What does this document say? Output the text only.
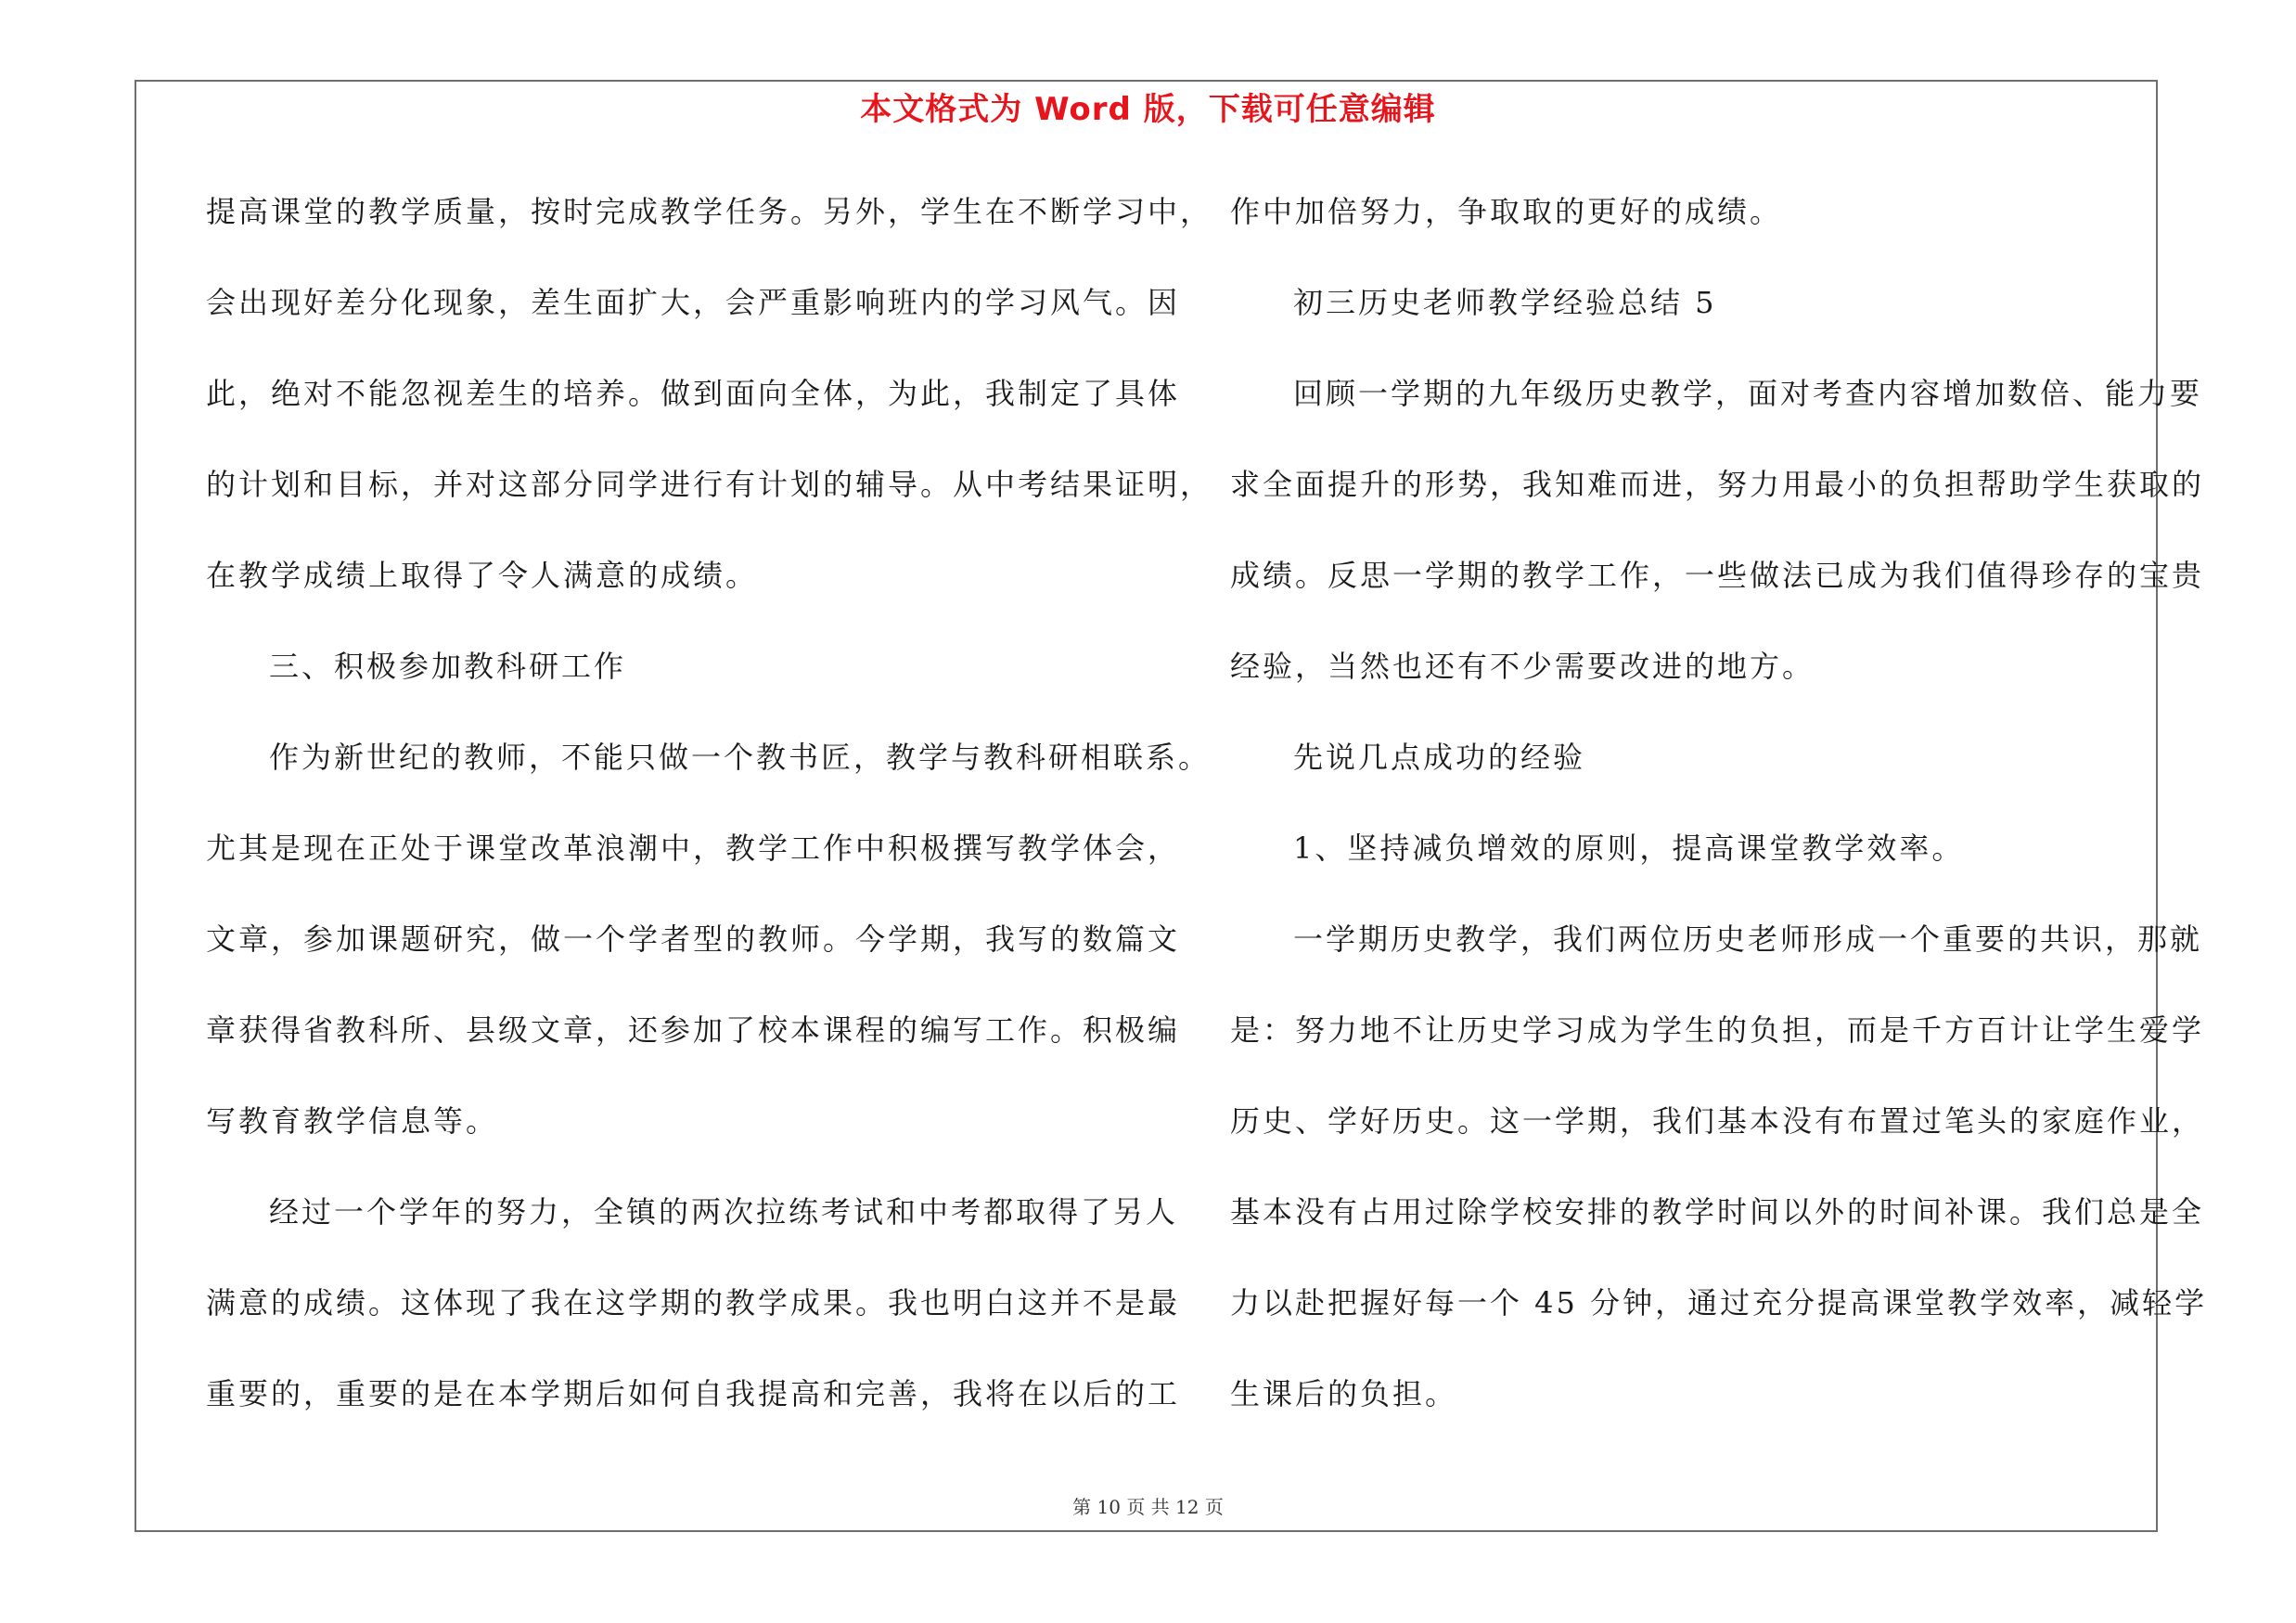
本文格式为 Word 版，下载可任意编辑
提高课堂的教学质量，按时完成教学任务。另外，学生在不断学习中，
会出现好差分化现象，差生面扩大，会严重影响班内的学习风气。因
此，绝对不能忽视差生的培养。做到面向全体，为此，我制定了具体
的计划和目标，并对这部分同学进行有计划的辅导。从中考结果证明，
在教学成绩上取得了令人满意的成绩。
三、积极参加教科研工作
作为新世纪的教师，不能只做一个教书匠，教学与教科研相联系。
尤其是现在正处于课堂改革浪潮中，教学工作中积极撰写教学体会，
文章，参加课题研究，做一个学者型的教师。今学期，我写的数篇文
章获得省教科所、县级文章，还参加了校本课程的编写工作。积极编
写教育教学信息等。
经过一个学年的努力，全镇的两次拉练考试和中考都取得了另人
满意的成绩。这体现了我在这学期的教学成果。我也明白这并不是最
重要的，重要的是在本学期后如何自我提高和完善，我将在以后的工
作中加倍努力，争取取的更好的成绩。
初三历史老师教学经验总结 5
回顾一学期的九年级历史教学，面对考查内容增加数倍、能力要
求全面提升的形势，我知难而进，努力用最小的负担帮助学生获取的
成绩。反思一学期的教学工作，一些做法已成为我们值得珍存的宝贵
经验，当然也还有不少需要改进的地方。
先说几点成功的经验
1、坚持减负增效的原则，提高课堂教学效率。
一学期历史教学，我们两位历史老师形成一个重要的共识，那就
是：努力地不让历史学习成为学生的负担，而是千方百计让学生爱学
历史、学好历史。这一学期，我们基本没有布置过笔头的家庭作业，
基本没有占用过除学校安排的教学时间以外的时间补课。我们总是全
力以赴把握好每一个 45 分钟，通过充分提高课堂教学效率，减轻学
生课后的负担。
第 10 页 共 12 页
